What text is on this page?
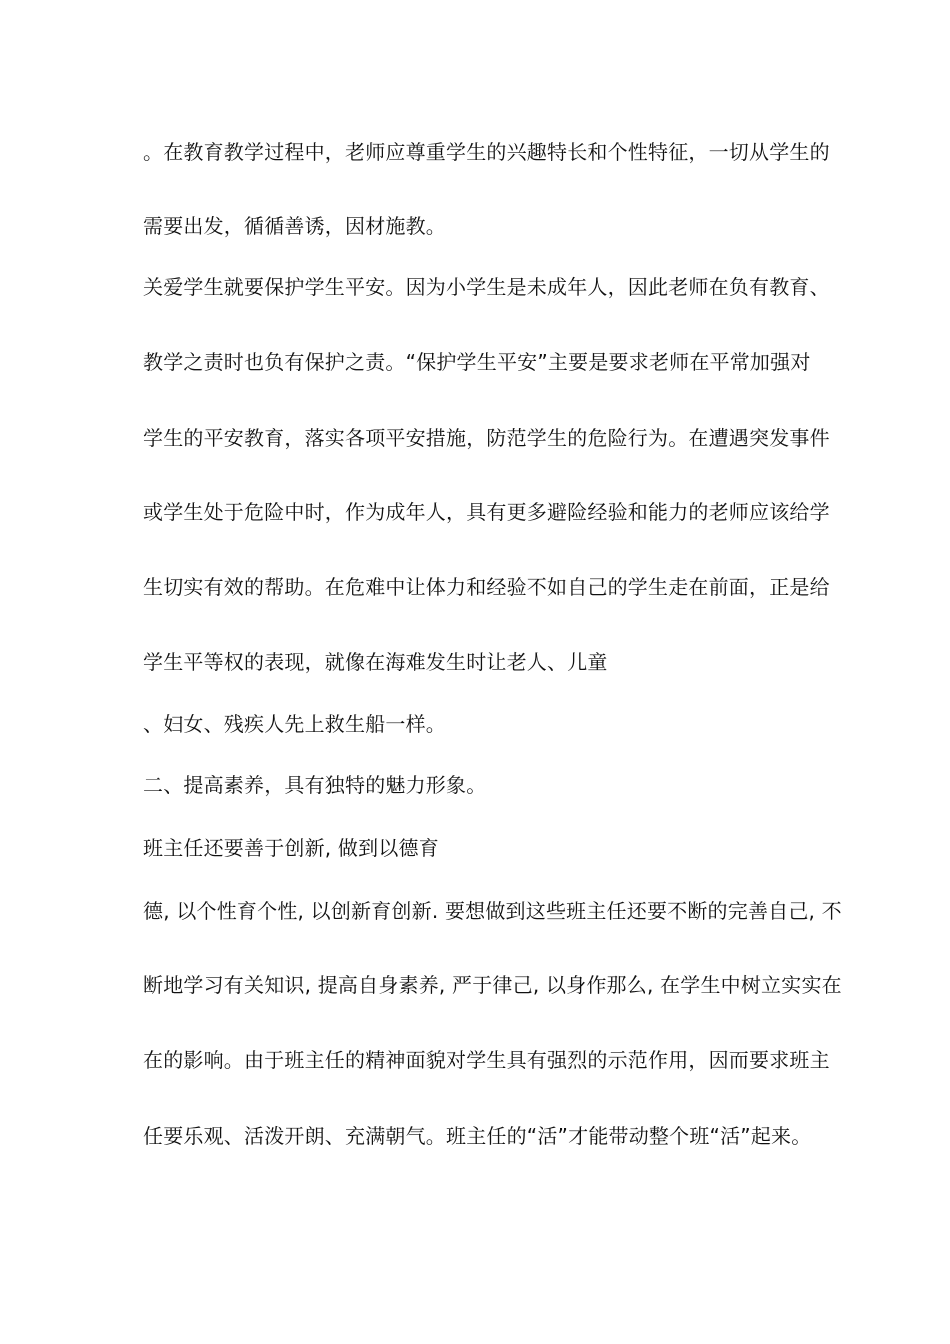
。在教育教学过程中，老师应尊重学生的兴趣特长和个性特征，一切从学生的
需要出发，循循善诱，因材施教。
关爱学生就要保护学生平安。因为小学生是未成年人，因此老师在负有教育、
教学之责时也负有保护之责。“保护学生平安”主要是要求老师在平常加强对
学生的平安教育，落实各项平安措施，防范学生的危险行为。在遭遇突发事件
或学生处于危险中时，作为成年人，具有更多避险经验和能力的老师应该给学
生切实有效的帮助。在危难中让体力和经验不如自己的学生走在前面，正是给
学生平等权的表现，就像在海难发生时让老人、儿童
、妇女、残疾人先上救生船一样。
二、提高素养，具有独特的魅力形象。
班主任还要善于创新, 做到以德育
德, 以个性育个性, 以创新育创新. 要想做到这些班主任还要不断的完善自己, 不
断地学习有关知识, 提高自身素养, 严于律己, 以身作那么, 在学生中树立实实在
在的影响。由于班主任的精神面貌对学生具有强烈的示范作用，因而要求班主
任要乐观、活泼开朗、充满朝气。班主任的“活”才能带动整个班“活”起来。
